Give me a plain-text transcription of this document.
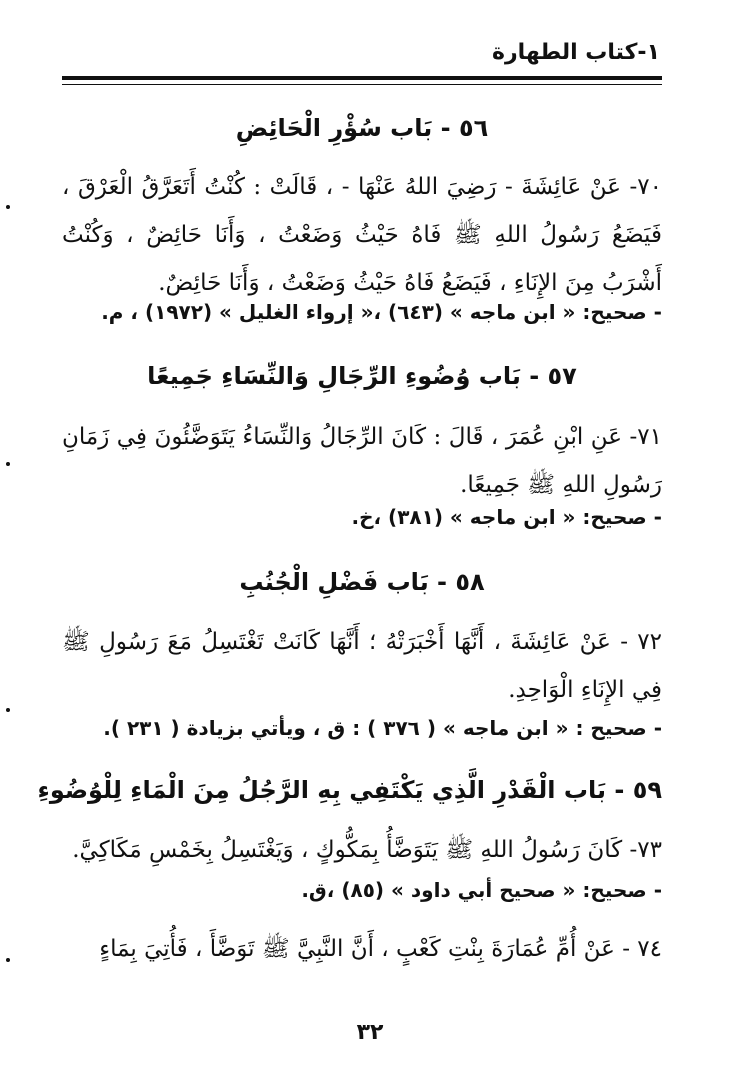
١-كتاب الطهارة
٥٦ - بَاب سُؤْرِ الْحَائِضِ
٧٠- عَنْ عَائِشَةَ - رَضِيَ اللهُ عَنْهَا - ، قَالَتْ : كُنْتُ أَتَعَرَّقُ الْعَرْقَ ، فَيَضَعُ رَسُولُ اللهِ ﷺ فَاهُ حَيْثُ وَضَعْتُ ، وَأَنَا حَائِضٌ ، وَكُنْتُ أَشْرَبُ مِنَ الإِنَاءِ ، فَيَضَعُ فَاهُ حَيْثُ وَضَعْتُ ، وَأَنَا حَائِضٌ.
- صحيح: « ابن ماجه » (٦٤٣) ،« إرواء الغليل » (١٩٧٢) ، م.
٥٧ - بَاب وُضُوءِ الرِّجَالِ وَالنِّسَاءِ جَمِيعًا
٧١- عَنِ ابْنِ عُمَرَ ، قَالَ : كَانَ الرِّجَالُ وَالنِّسَاءُ يَتَوَضَّئُونَ فِي زَمَانِ رَسُولِ اللهِ ﷺ جَمِيعًا.
- صحيح: « ابن ماجه » (٣٨١) ،خ.
٥٨ - بَاب فَضْلِ الْجُنُبِ
٧٢ - عَنْ عَائِشَةَ ، أَنَّهَا أَخْبَرَتْهُ ؛ أَنَّهَا كَانَتْ تَغْتَسِلُ مَعَ رَسُولِ ﷺ فِي الإِنَاءِ الْوَاحِدِ.
- صحيح : « ابن ماجه » ( ٣٧٦ ) : ق ، ويأتي بزيادة ( ٢٣١ ).
٥٩ - بَاب الْقَدْرِ الَّذِي يَكْتَفِي بِهِ الرَّجُلُ مِنَ الْمَاءِ لِلْوُضُوءِ
٧٣- كَانَ رَسُولُ اللهِ ﷺ يَتَوَضَّأُ بِمَكُّوكٍ ، وَيَغْتَسِلُ بِخَمْسِ مَكَاكِيَّ.
- صحيح: « صحيح أبي داود » (٨٥) ،ق.
٧٤ - عَنْ أُمِّ عُمَارَةَ بِنْتِ كَعْبٍ ، أَنَّ النَّبِيَّ ﷺ تَوَضَّأَ ، فَأُتِيَ بِمَاءٍ
٣٢
